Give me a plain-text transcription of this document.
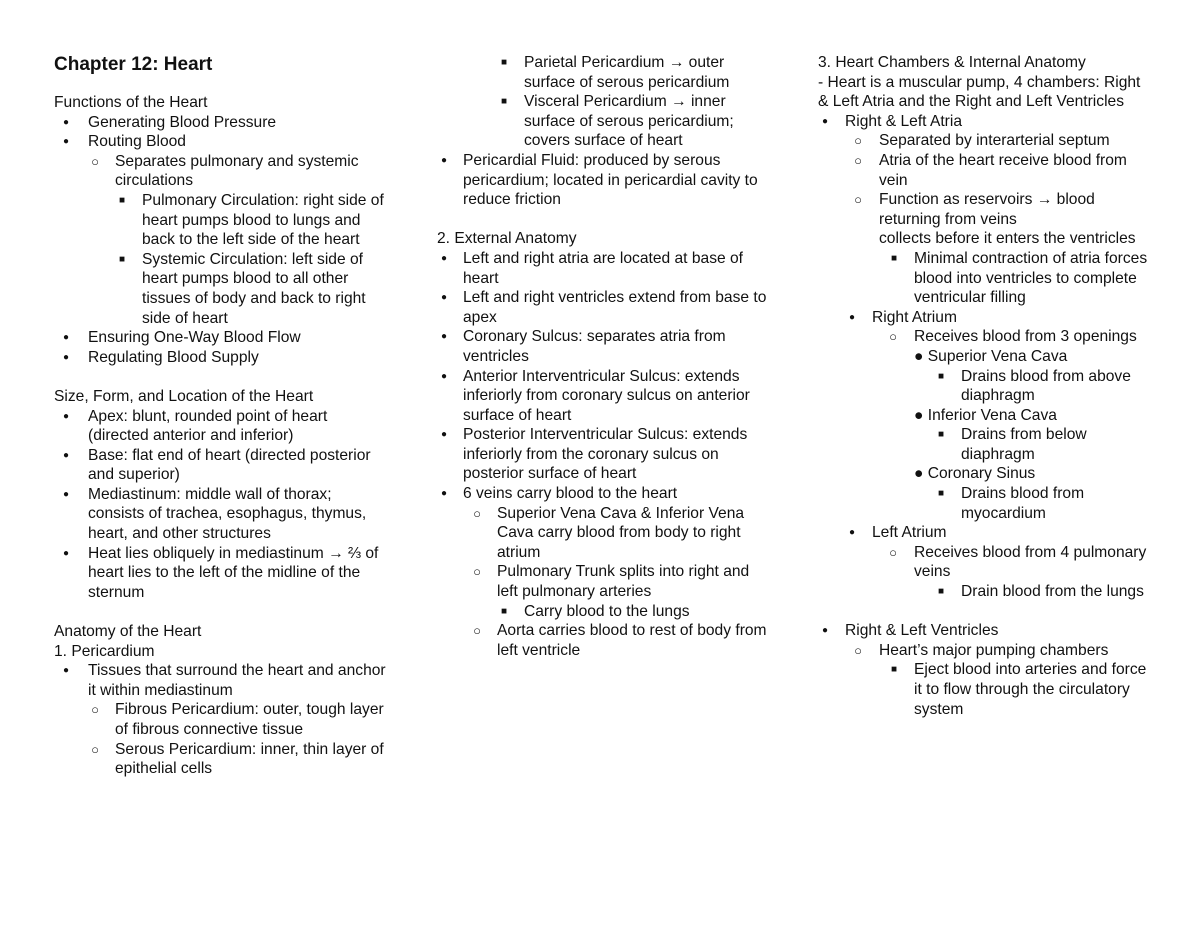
Chapter 12: Heart
Functions of the Heart
● Generating Blood Pressure
● Routing Blood
○ Separates pulmonary and systemic circulations
■ Pulmonary Circulation: right side of heart pumps blood to lungs and back to the left side of the heart
■ Systemic Circulation: left side of heart pumps blood to all other tissues of body and back to right side of heart
● Ensuring One-Way Blood Flow
● Regulating Blood Supply
Size, Form, and Location of the Heart
● Apex: blunt, rounded point of heart (directed anterior and inferior)
● Base: flat end of heart (directed posterior and superior)
● Mediastinum: middle wall of thorax; consists of trachea, esophagus, thymus, heart, and other structures
● Heat lies obliquely in mediastinum → ⅔ of heart lies to the left of the midline of the sternum
Anatomy of the Heart
1. Pericardium
● Tissues that surround the heart and anchor it within mediastinum
○ Fibrous Pericardium: outer, tough layer of fibrous connective tissue
○ Serous Pericardium: inner, thin layer of epithelial cells
■ Parietal Pericardium → outer surface of serous pericardium
■ Visceral Pericardium → inner surface of serous pericardium; covers surface of heart
● Pericardial Fluid: produced by serous pericardium; located in pericardial cavity to reduce friction
2. External Anatomy
● Left and right atria are located at base of heart
● Left and right ventricles extend from base to apex
● Coronary Sulcus: separates atria from ventricles
● Anterior Interventricular Sulcus: extends inferiorly from coronary sulcus on anterior surface of heart
● Posterior Interventricular Sulcus: extends inferiorly from the coronary sulcus on posterior surface of heart
● 6 veins carry blood to the heart
○ Superior Vena Cava & Inferior Vena Cava carry blood from body to right atrium
○ Pulmonary Trunk splits into right and left pulmonary arteries
■ Carry blood to the lungs
○ Aorta carries blood to rest of body from left ventricle
3. Heart Chambers & Internal Anatomy
- Heart is a muscular pump, 4 chambers: Right & Left Atria and the Right and Left Ventricles
● Right & Left Atria
○ Separated by interarterial septum
○ Atria of the heart receive blood from vein
○ Function as reservoirs → blood returning from veins
collects before it enters the ventricles
■ Minimal contraction of atria forces blood into ventricles to complete ventricular filling
● Right Atrium
○ Receives blood from 3 openings
● Superior Vena Cava
■ Drains blood from above diaphragm
● Inferior Vena Cava
■ Drains from below diaphragm
● Coronary Sinus
■ Drains blood from myocardium
● Left Atrium
○ Receives blood from 4 pulmonary veins
■ Drain blood from the lungs
● Right & Left Ventricles
○ Heart’s major pumping chambers
■ Eject blood into arteries and force it to flow through the circulatory system
